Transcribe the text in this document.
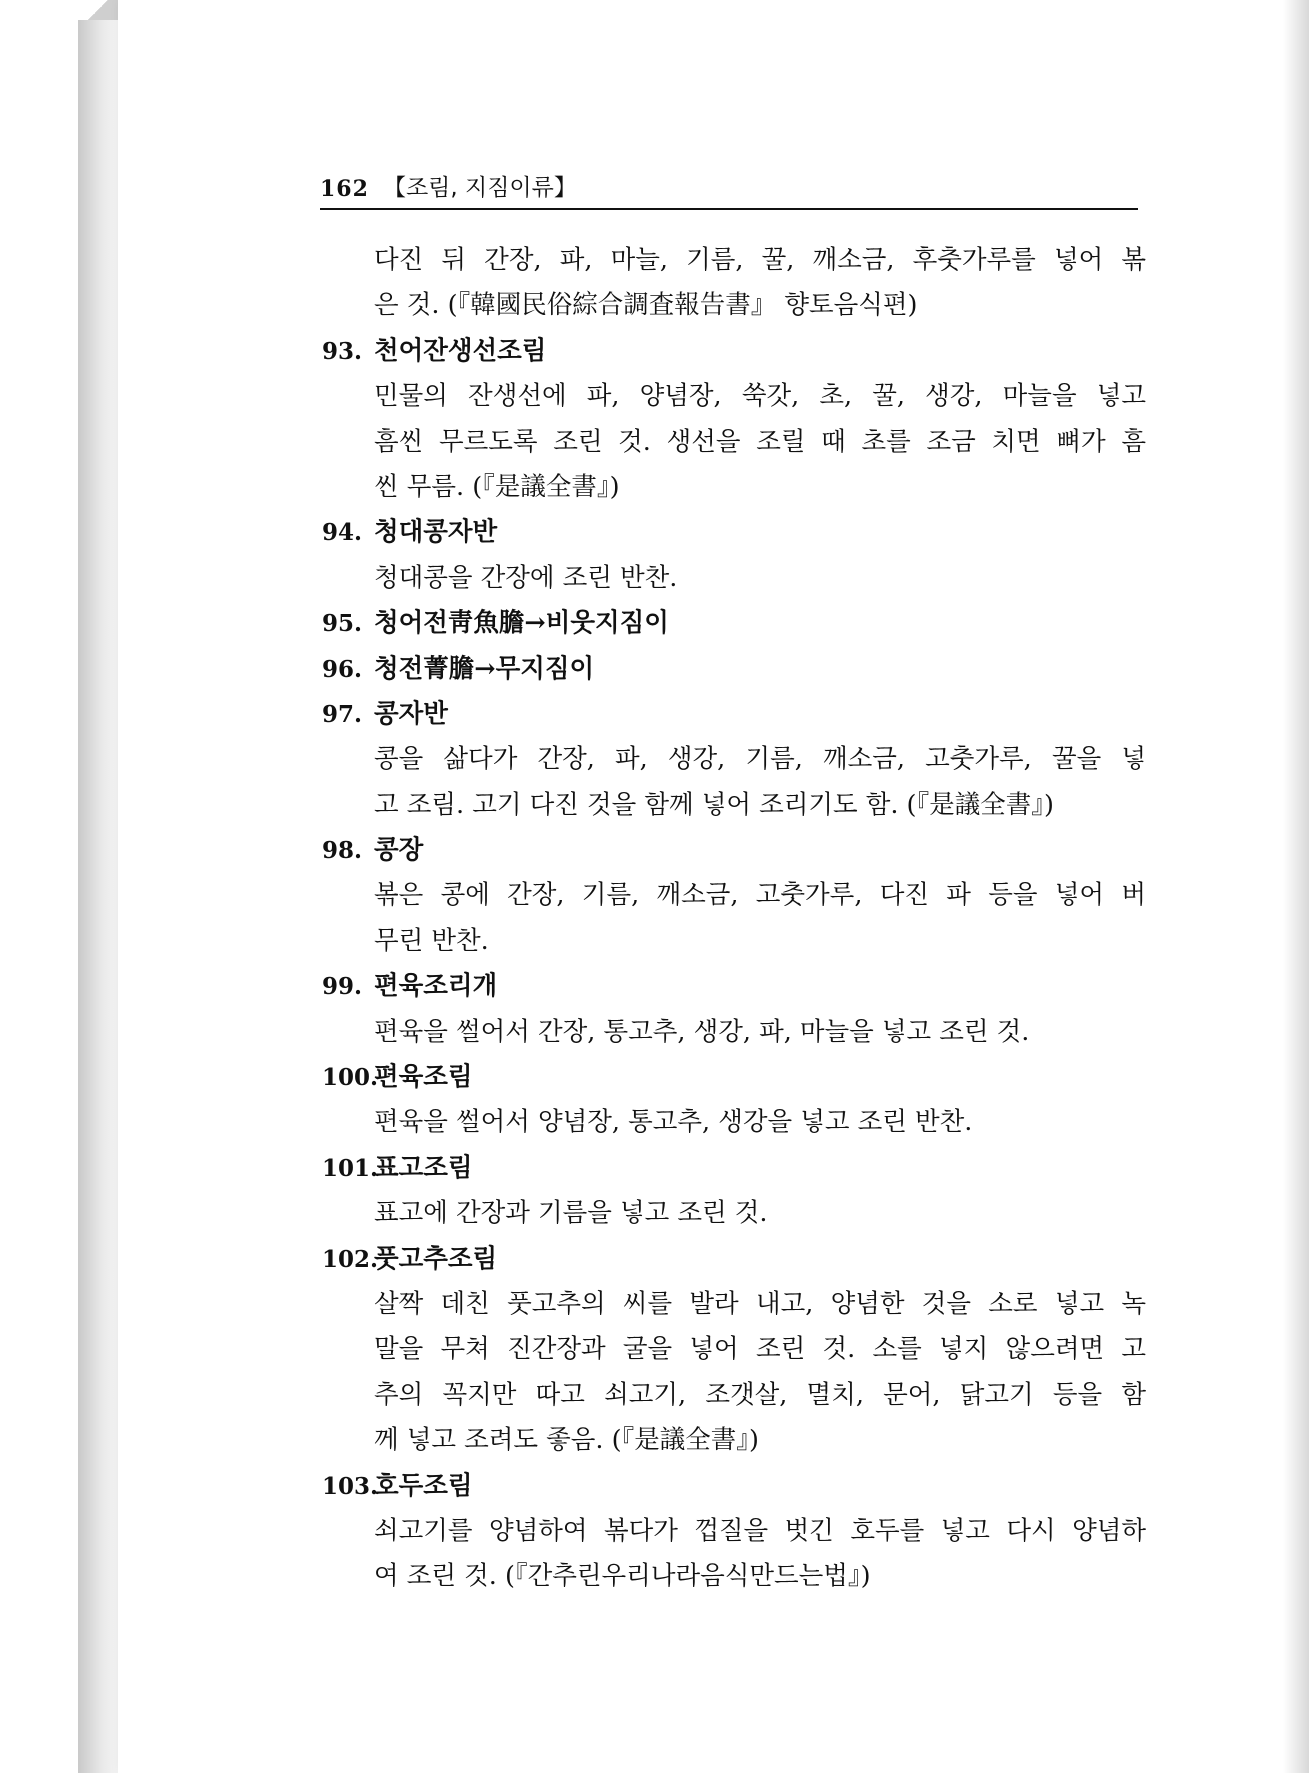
162 【조림, 지짐이류】
다진 뒤 간장, 파, 마늘, 기름, 꿀, 깨소금, 후춧가루를 넣어 볶
은 것. (『韓國民俗綜合調査報告書』 향토음식편)
93. 천어잔생선조림
민물의 잔생선에 파, 양념장, 쑥갓, 초, 꿀, 생강, 마늘을 넣고
흠씬 무르도록 조린 것. 생선을 조릴 때 초를 조금 치면 뼈가 흠
씬 무름. (『是議全書』)
94. 청대콩자반
청대콩을 간장에 조린 반찬.
95. 청어전靑魚膽→비웃지짐이
96. 청전菁膽→무지짐이
97. 콩자반
콩을 삶다가 간장, 파, 생강, 기름, 깨소금, 고춧가루, 꿀을 넣
고 조림. 고기 다진 것을 함께 넣어 조리기도 함. (『是議全書』)
98. 콩장
볶은 콩에 간장, 기름, 깨소금, 고춧가루, 다진 파 등을 넣어 버
무린 반찬.
99. 편육조리개
편육을 썰어서 간장, 통고추, 생강, 파, 마늘을 넣고 조린 것.
100.
편육조림
편육을 썰어서 양념장, 통고추, 생강을 넣고 조린 반찬.
101.
표고조림
표고에 간장과 기름을 넣고 조린 것.
102.
풋고추조림
살짝 데친 풋고추의 씨를 발라 내고, 양념한 것을 소로 넣고 녹
말을 무쳐 진간장과 굴을 넣어 조린 것. 소를 넣지 않으려면 고
추의 꼭지만 따고 쇠고기, 조갯살, 멸치, 문어, 닭고기 등을 함
께 넣고 조려도 좋음. (『是議全書』)
103.
호두조림
쇠고기를 양념하여 볶다가 껍질을 벗긴 호두를 넣고 다시 양념하
여 조린 것. (『간추린우리나라음식만드는법』)
